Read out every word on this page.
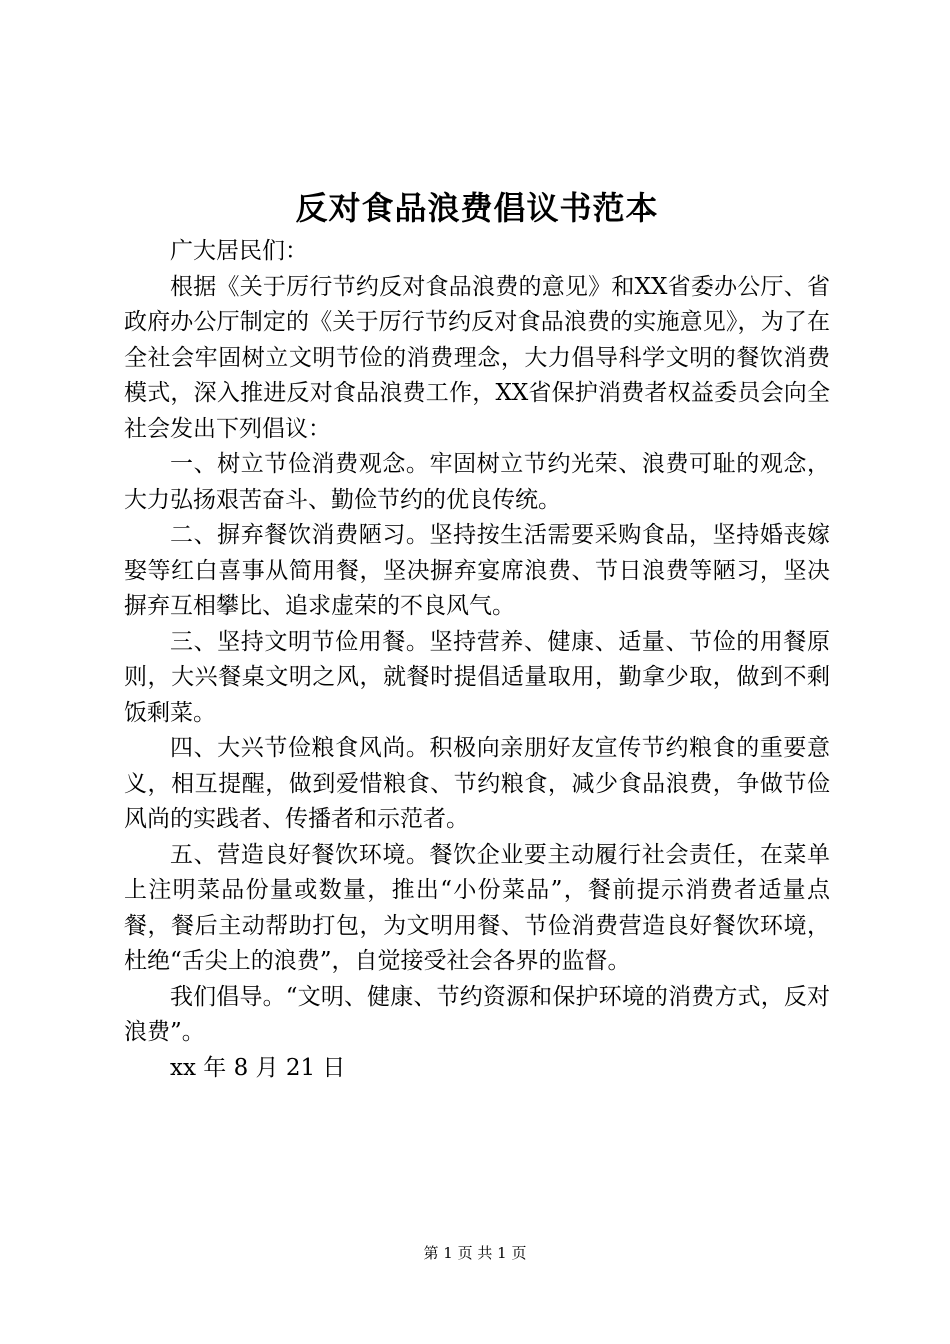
反对食品浪费倡议书范本

广大居民们：

根据《关于厉行节约反对食品浪费的意见》和XX省委办公厅、省政府办公厅制定的《关于厉行节约反对食品浪费的实施意见》，为了在全社会牢固树立文明节俭的消费理念，大力倡导科学文明的餐饮消费模式，深入推进反对食品浪费工作，XX省保护消费者权益委员会向全社会发出下列倡议：

一、树立节俭消费观念。牢固树立节约光荣、浪费可耻的观念，大力弘扬艰苦奋斗、勤俭节约的优良传统。

二、摒弃餐饮消费陋习。坚持按生活需要采购食品，坚持婚丧嫁娶等红白喜事从简用餐，坚决摒弃宴席浪费、节日浪费等陋习，坚决摒弃互相攀比、追求虚荣的不良风气。

三、坚持文明节俭用餐。坚持营养、健康、适量、节俭的用餐原则，大兴餐桌文明之风，就餐时提倡适量取用，勤拿少取，做到不剩饭剩菜。

四、大兴节俭粮食风尚。积极向亲朋好友宣传节约粮食的重要意义，相互提醒，做到爱惜粮食、节约粮食，减少食品浪费，争做节俭风尚的实践者、传播者和示范者。

五、营造良好餐饮环境。餐饮企业要主动履行社会责任，在菜单上注明菜品份量或数量，推出“小份菜品”，餐前提示消费者适量点餐，餐后主动帮助打包，为文明用餐、节俭消费营造良好餐饮环境，杜绝“舌尖上的浪费”，自觉接受社会各界的监督。

我们倡导。“文明、健康、节约资源和保护环境的消费方式，反对浪费”。

xx 年 8 月 21 日

第 1 页 共 1 页
